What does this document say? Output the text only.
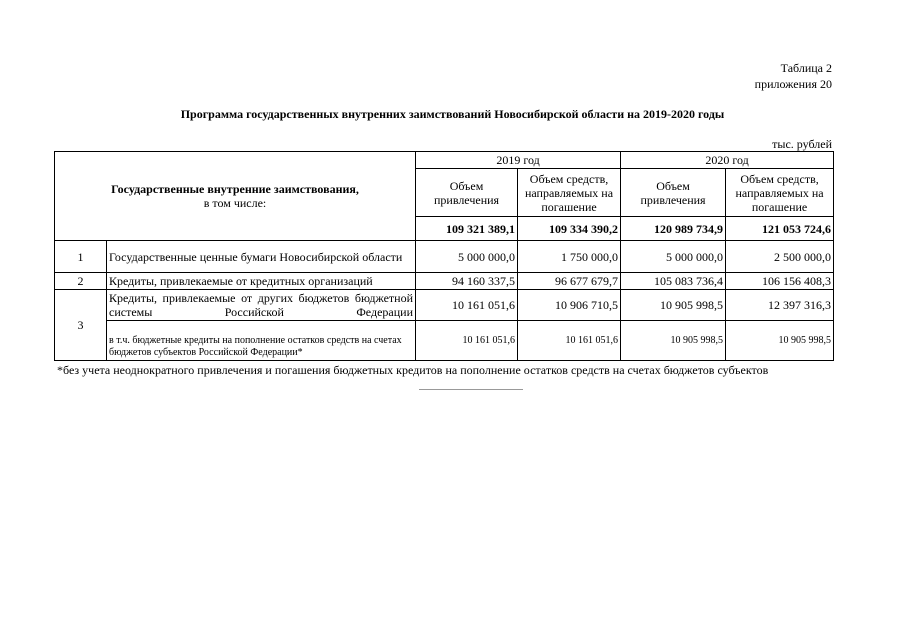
Таблица 2
приложения 20
Программа государственных внутренних заимствований Новосибирской области на 2019-2020 годы
тыс. рублей
Государственные внутренние заимствования,
в том числе:		2019 год		2020 год	
		Объем привлечения	Объем средств, направляемых на погашение	Объем привлечения	Объем средств, направляемых на погашение
		109 321 389,1	109 334 390,2	120 989 734,9	121 053 724,6
1	Государственные ценные бумаги Новосибирской области	5 000 000,0	1 750 000,0	5 000 000,0	2 500 000,0
2	Кредиты, привлекаемые от кредитных организаций	94 160 337,5	96 677 679,7	105 083 736,4	106 156 408,3
3	Кредиты, привлекаемые от других бюджетов бюджетной системы Российской Федерации	10 161 051,6	10 906 710,5	10 905 998,5	12 397 316,3
	в т.ч. бюджетные кредиты на пополнение остатков средств на счетах бюджетов субъектов Российской Федерации*	10 161 051,6	10 161 051,6	10 905 998,5	10 905 998,5
*без учета неоднократного привлечения и погашения бюджетных кредитов на пополнение остатков средств на счетах бюджетов субъектов
